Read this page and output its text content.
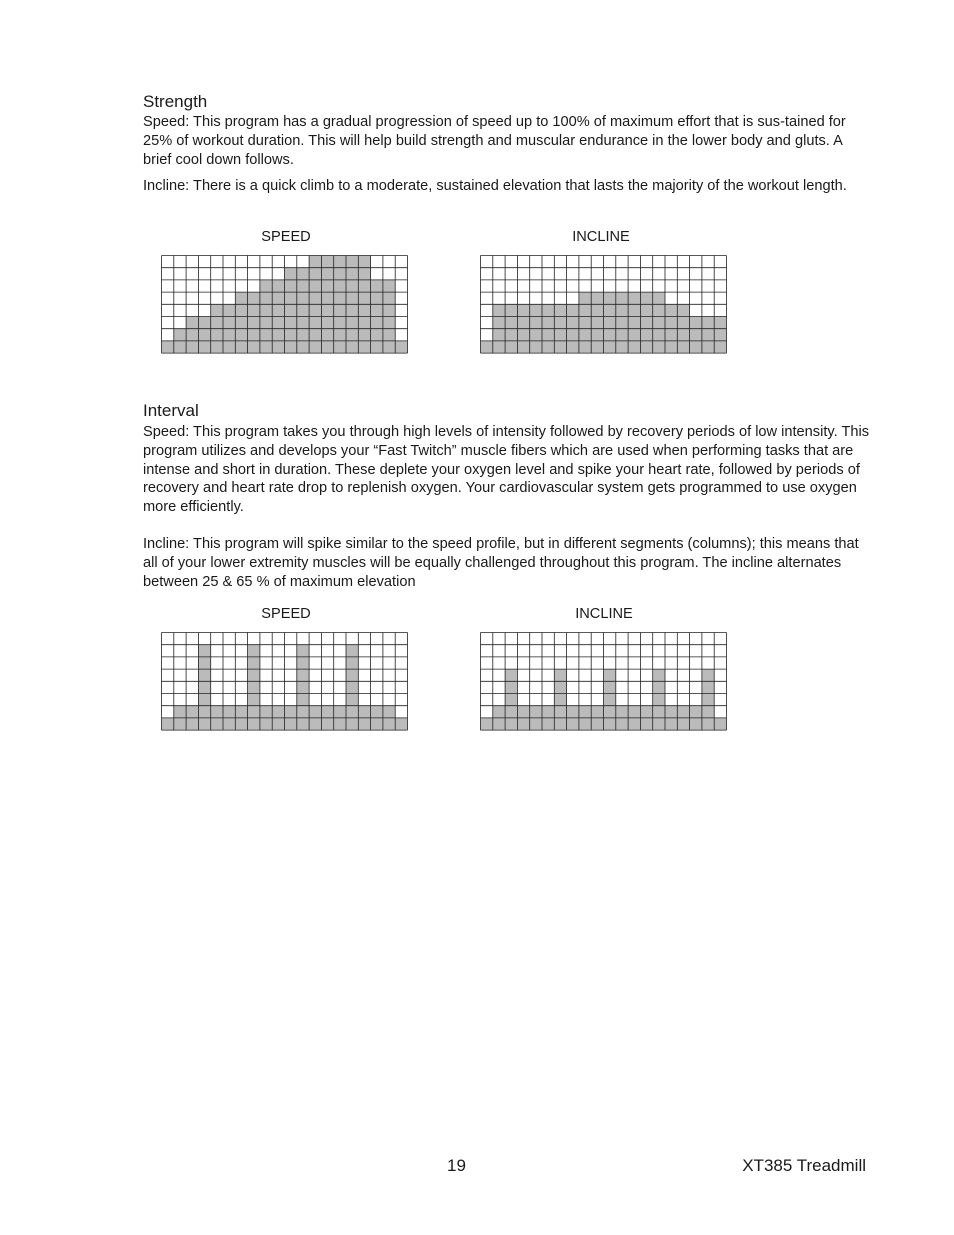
Strength

Speed: This program has a gradual progression of speed up to 100% of maximum effort that is sus-tained for 25% of workout duration. This will help build strength and muscular endurance in the lower body and gluts. A brief cool down follows.

Incline: There is a quick climb to a moderate, sustained elevation that lasts the majority of the workout length.

SPEED	INCLINE
Interval

Speed: This program takes you through high levels of intensity followed by recovery periods of low intensity. This program utilizes and develops your “Fast Twitch” muscle fibers which are used when performing tasks that are intense and short in duration. These deplete your oxygen level and spike your heart rate, followed by periods of recovery and heart rate drop to replenish oxygen. Your cardiovascular system gets programmed to use oxygen more efficiently.

Incline: This program will spike similar to the speed profile, but in different segments (columns); this means that all of your lower extremity muscles will be equally challenged throughout this program. The incline alternates between 25 & 65 % of maximum elevation

SPEED	INCLINE
19	XT385 Treadmill
